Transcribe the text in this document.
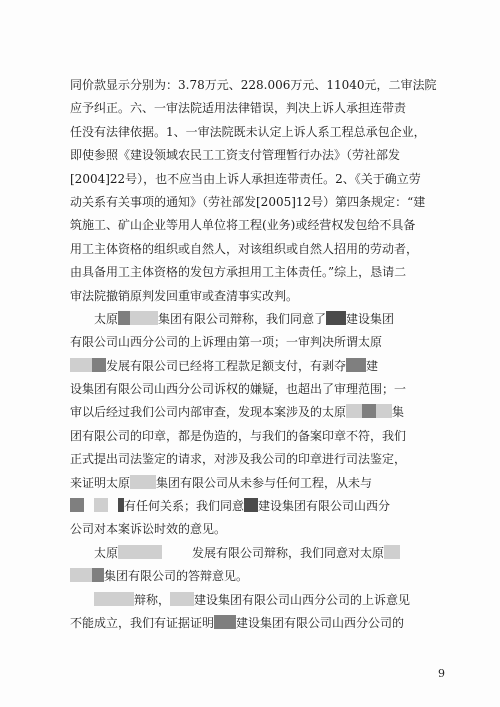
同价款显示分别为：3.78万元、228.006万元、11040元，二审法院
应予纠正。六、一审法院适用法律错误，判决上诉人承担连带责
任没有法律依据。1、一审法院既未认定上诉人系工程总承包企业，
即使参照《建设领域农民工工资支付管理暂行办法》（劳社部发
[2004]22号），也不应当由上诉人承担连带责任。2、《关于确立劳
动关系有关事项的通知》（劳社部发[2005]12号）第四条规定：“建
筑施工、矿山企业等用人单位将工程(业务)或经营权发包给不具备
用工主体资格的组织或自然人，对该组织或自然人招用的劳动者，
由具备用工主体资格的发包方承担用工主体责任。”综上，恳请二
审法院撤销原判发回重审或查清事实改判。
太原	集团有限公司辩称，我们同意了 建设集团
有限公司山西分公司的上诉理由第一项；一审判决所谓太原
发展有限公司已经将工程款足额支付，有剥夺 建
设集团有限公司山西分公司诉权的嫌疑，也超出了审理范围；一
审以后经过我们公司内部审查，发现本案涉及的太原	集
团有限公司的印章，都是伪造的，与我们的备案印章不符，我们
正式提出司法鉴定的请求，对涉及我公司的印章进行司法鉴定，
来证明太原 集团有限公司从未参与任何工程，从未与
有任何关系；我们同意 建设集团有限公司山西分
公司对本案诉讼时效的意见。
太原	发展有限公司辩称，我们同意对太原
集团有限公司的答辩意见。
辩称， 建设集团有限公司山西分公司的上诉意见
不能成立，我们有证据证明 建设集团有限公司山西分公司的
9
